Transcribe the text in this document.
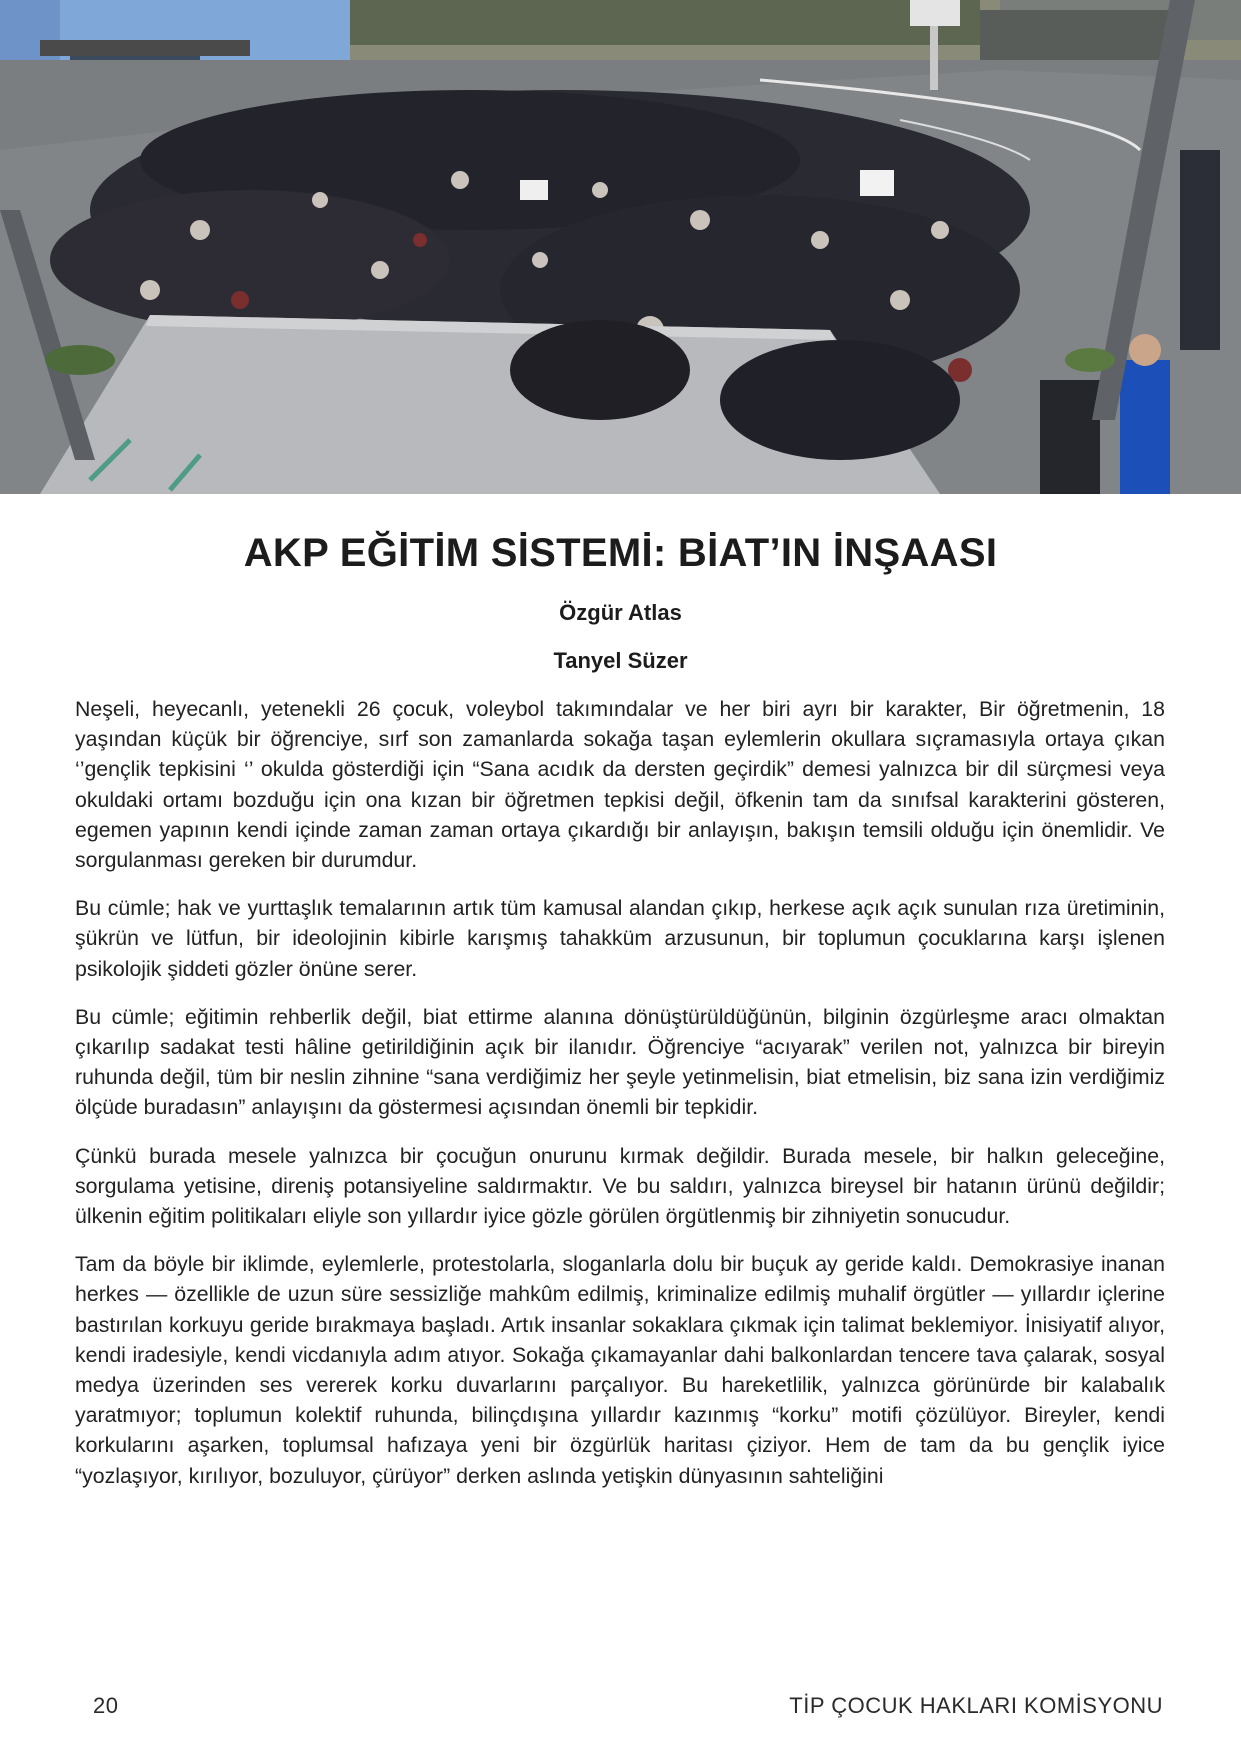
AKP EĞİTİM SİSTEMİ: BİAT’IN İNŞAASI
Özgür Atlas
Tanyel Süzer

Neşeli, heyecanlı, yetenekli 26 çocuk, voleybol takımındalar ve her biri ayrı bir karakter, Bir öğretmenin, 18 yaşından küçük bir öğrenciye, sırf son zamanlarda sokağa taşan eylemlerin okullara sıçramasıyla ortaya çıkan ‘’gençlik tepkisini ‘’ okulda gösterdiği için “Sana acıdık da dersten geçirdik” demesi yalnızca bir dil sürçmesi veya okuldaki ortamı bozduğu için ona kızan bir öğretmen tepkisi değil, öfkenin tam da sınıfsal karakterini gösteren, egemen yapının kendi içinde zaman zaman ortaya çıkardığı bir anlayışın, bakışın temsili olduğu için önemlidir. Ve sorgulanması gereken bir durumdur.

Bu cümle; hak ve yurttaşlık temalarının artık tüm kamusal alandan çıkıp, herkese açık açık sunulan rıza üretiminin, şükrün ve lütfun, bir ideolojinin kibirle karışmış tahakküm arzusunun, bir toplumun çocuklarına karşı işlenen psikolojik şiddeti gözler önüne serer.

Bu cümle; eğitimin rehberlik değil, biat ettirme alanına dönüştürüldüğünün, bilginin özgürleşme aracı olmaktan çıkarılıp sadakat testi hâline getirildiğinin açık bir ilanıdır. Öğrenciye “acıyarak” verilen not, yalnızca bir bireyin ruhunda değil, tüm bir neslin zihnine “sana verdiğimiz her şeyle yetinmelisin, biat etmelisin, biz sana izin verdiğimiz ölçüde buradasın” anlayışını da göstermesi açısından önemli bir tepkidir.

Çünkü burada mesele yalnızca bir çocuğun onurunu kırmak değildir. Burada mesele, bir halkın geleceğine, sorgulama yetisine, direniş potansiyeline saldırmaktır. Ve bu saldırı, yalnızca bireysel bir hatanın ürünü değildir; ülkenin eğitim politikaları eliyle son yıllardır iyice gözle görülen örgütlenmiş bir zihniyetin sonucudur.

Tam da böyle bir iklimde, eylemlerle, protestolarla, sloganlarla dolu bir buçuk ay geride kaldı. Demokrasiye inanan herkes — özellikle de uzun süre sessizliğe mahkûm edilmiş, kriminalize edilmiş muhalif örgütler — yıllardır içlerine bastırılan korkuyu geride bırakmaya başladı. Artık insanlar sokaklara çıkmak için talimat beklemiyor. İnisiyatif alıyor, kendi iradesiyle, kendi vicdanıyla adım atıyor. Sokağa çıkamayanlar dahi balkonlardan tencere tava çalarak, sosyal medya üzerinden ses vererek korku duvarlarını parçalıyor. Bu hareketlilik, yalnızca görünürde bir kalabalık yaratmıyor; toplumun kolektif ruhunda, bilinçdışına yıllardır kazınmış “korku” motifi çözülüyor. Bireyler, kendi korkularını aşarken, toplumsal hafızaya yeni bir özgürlük haritası çiziyor. Hem de tam da bu gençlik iyice “yozlaşıyor, kırılıyor, bozuluyor, çürüyor” derken aslında yetişkin dünyasının sahteliğini

20	TİP ÇOCUK HAKLARI KOMİSYONU
